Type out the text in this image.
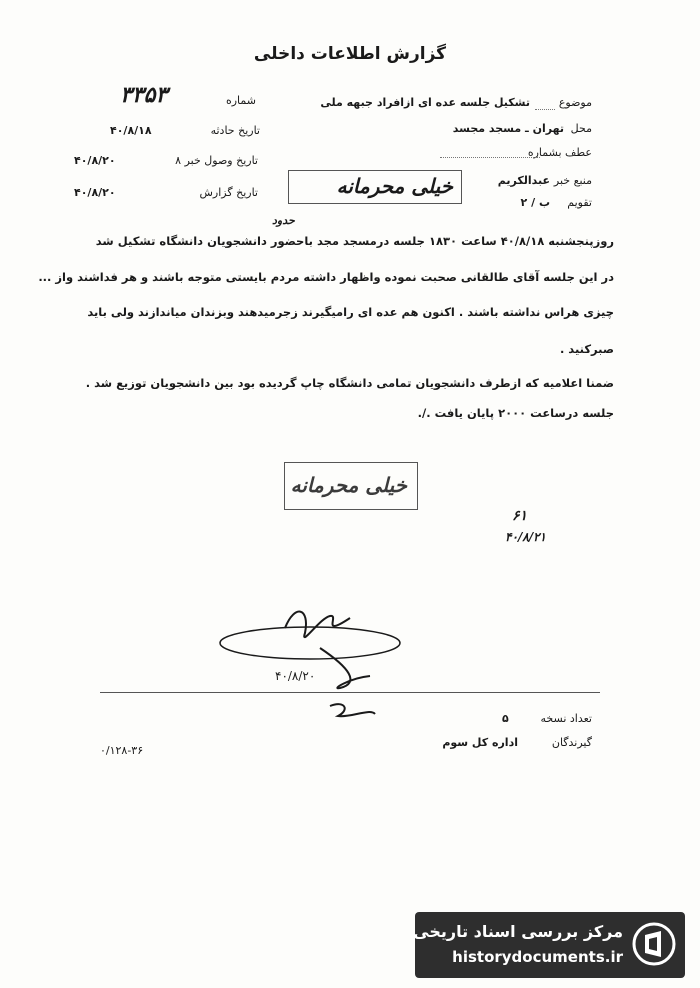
گزارش اطلاعات داخلی
شماره
۳۳۵۳
تاریخ حادثه
۴۰/۸/۱۸
تاریخ وصول خبر ۸
۴۰/۸/۲۰
تاریخ گزارش
۴۰/۸/۲۰
موضوع
تشکیل جلسه عده ای ازافراد جبهه ملی
محل
تهران ـ مسجد مجسد
عطف بشماره
منبع خبر
عبدالکریم
تقویم
ب / ۲
خیلی محرمانه
حدود
روزپنجشنبه ۴۰/۸/۱۸ ساعت ۱۸۳۰ جلسه درمسجد مجد باحضور دانشجویان دانشگاه تشکیل شد
در این جلسه آقای طالقانی صحبت نموده واظهار داشته مردم بایستی متوجه باشند و هر فداشند واز ...
چیزی هراس نداشته باشند . اکنون هم عده ای رامیگیرند زجرمیدهند وبزندان میاندازند ولی باید
صبرکنید .
ضمنا اعلامیه که ازطرف دانشجویان تمامی دانشگاه چاپ گردیده بود بین دانشجویان توزیع شد .
جلسه درساعت ۲۰۰۰ پایان یافت ./.
خیلی محرمانه
۶۱
۴۰/۸/۲۱
۴۰/۸/۲۰
تعداد نسخه
۵
گیرندگان
اداره کل سوم
۰/۱۲۸-۳۶
مرکز بررسی اسناد تاریخی
historydocuments.ir
